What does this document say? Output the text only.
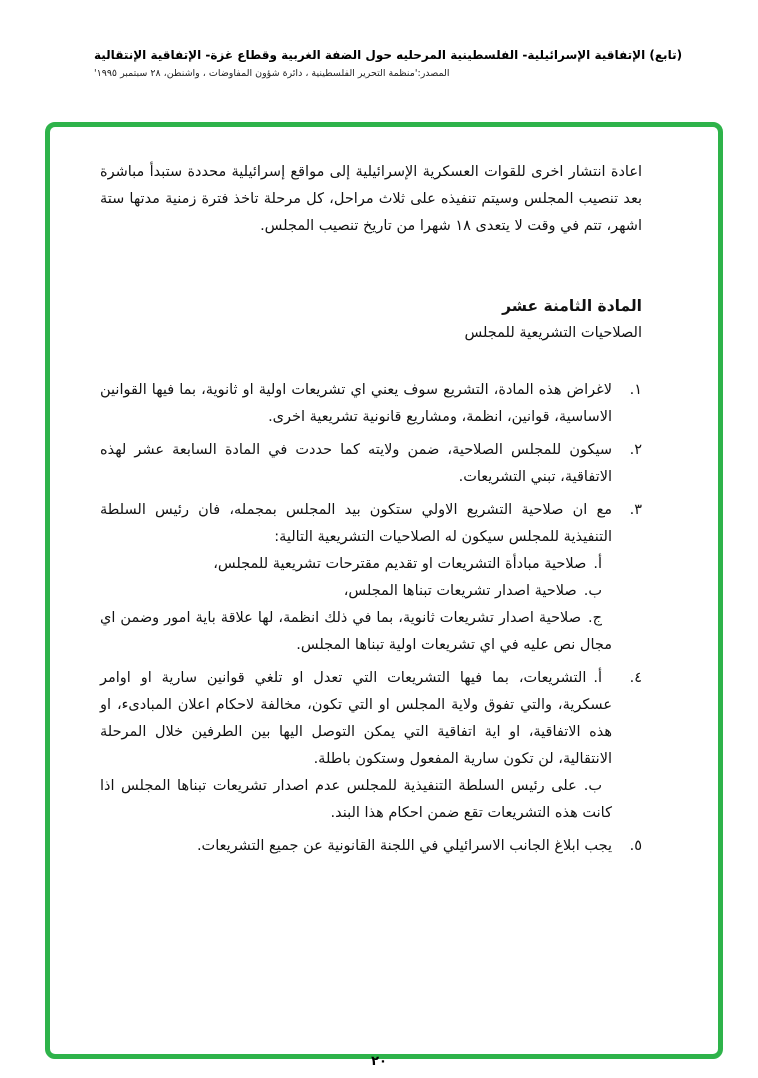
(تابع) الإتفاقية الإسرائيلية- الفلسطينية المرحليه حول الضفة الغربية وقطاع غزة- الإتفاقية الإنتقالية
المصدر:'منظمة التحرير الفلسطينية ، دائرة شؤون المفاوضات ، واشنطن، ٢٨ سبتمبر ١٩٩٥'

اعادة انتشار اخرى للقوات العسكرية الإسرائيلية إلى مواقع إسرائيلية محددة ستبدأ مباشرة بعد تنصيب المجلس وسيتم تنفيذه على ثلاث مراحل، كل مرحلة تاخذ فترة زمنية مدتها ستة اشهر، تتم في وقت لا يتعدى ١٨ شهرا من تاريخ تنصيب المجلس.

المادة الثامنة عشر
الصلاحيات التشريعية للمجلس
١.
لاغراض هذه المادة، التشريع سوف يعني اي تشريعات اولية او ثانوية، بما فيها القوانين الاساسية، قوانين، انظمة، ومشاريع قانونية تشريعية اخرى.
٢.
سيكون للمجلس الصلاحية، ضمن ولايته كما حددت في المادة السابعة عشر لهذه الاتفاقية، تبني التشريعات.
٣.
مع ان صلاحية التشريع الاولي ستكون بيد المجلس بمجمله، فان رئيس السلطة التنفيذية للمجلس سيكون له الصلاحيات التشريعية التالية:
أ.صلاحية مبادأة التشريعات او تقديم مقترحات تشريعية للمجلس،
ب.صلاحية اصدار تشريعات تبناها المجلس،
ج.صلاحية اصدار تشريعات ثانوية، بما في ذلك انظمة، لها علاقة باية امور وضمن اي مجال نص عليه في اي تشريعات اولية تبناها المجلس.
٤.
أ.التشريعات، بما فيها التشريعات التي تعدل او تلغي قوانين سارية او اوامر عسكرية، والتي تفوق ولاية المجلس او التي تكون، مخالفة لاحكام اعلان المبادىء، او هذه الاتفاقية، او اية اتفاقية التي يمكن التوصل اليها بين الطرفين خلال المرحلة الانتقالية، لن تكون سارية المفعول وستكون باطلة.
ب.على رئيس السلطة التنفيذية للمجلس عدم اصدار تشريعات تبناها المجلس اذا كانت هذه التشريعات تقع ضمن احكام هذا البند.
٥.
يجب ابلاغ الجانب الاسرائيلي في اللجنة القانونية عن جميع التشريعات.
٢٠
